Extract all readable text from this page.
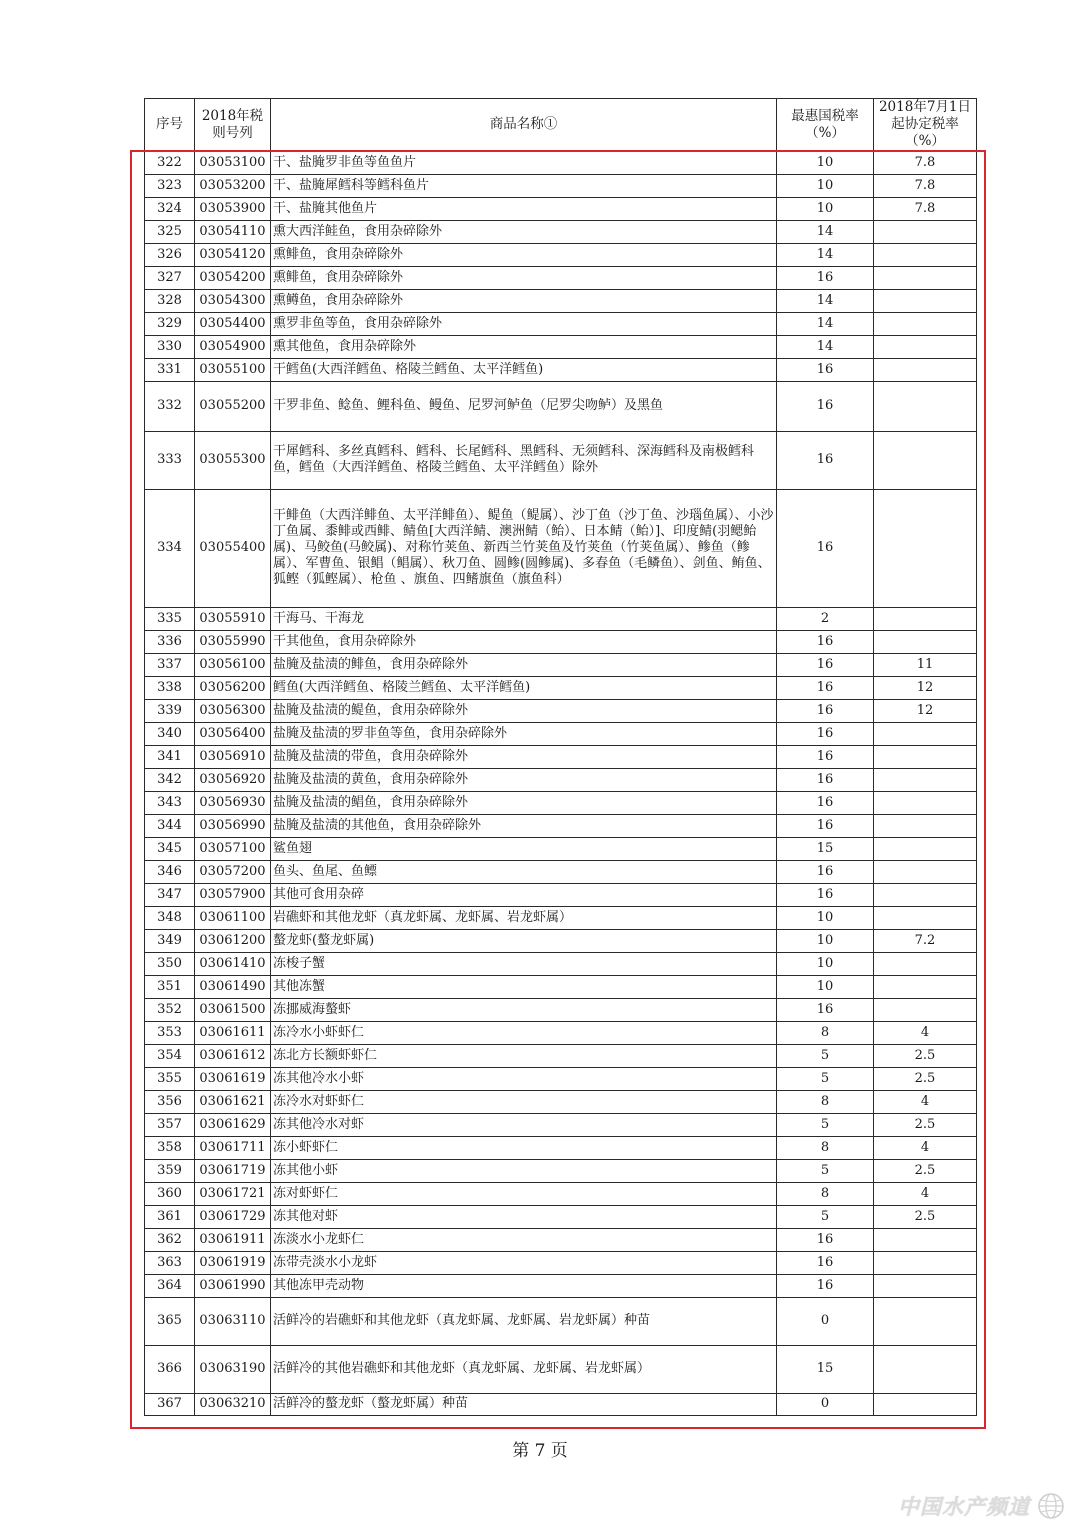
序号	2018年税则号列	商品名称①	最惠国税率（%）	2018年7月1日起协定税率（%）
322	03053100	干、盐腌罗非鱼等鱼鱼片	10	7.8
323	03053200	干、盐腌犀鳕科等鳕科鱼片	10	7.8
324	03053900	干、盐腌其他鱼片	10	7.8
325	03054110	熏大西洋鲑鱼，食用杂碎除外	14	
326	03054120	熏鲱鱼，食用杂碎除外	14	
327	03054200	熏鲱鱼，食用杂碎除外	16	
328	03054300	熏鳟鱼，食用杂碎除外	14	
329	03054400	熏罗非鱼等鱼，食用杂碎除外	14	
330	03054900	熏其他鱼，食用杂碎除外	14	
331	03055100	干鳕鱼(大西洋鳕鱼、格陵兰鳕鱼、太平洋鳕鱼)	16	
332	03055200	干罗非鱼、鲶鱼、鲤科鱼、鳗鱼、尼罗河鲈鱼（尼罗尖吻鲈）及黑鱼	16	
333	03055300	干犀鳕科、多丝真鳕科、鳕科、长尾鳕科、黑鳕科、无须鳕科、深海鳕科及南极鳕科鱼，鳕鱼（大西洋鳕鱼、格陵兰鳕鱼、太平洋鳕鱼）除外	16	
334	03055400	干鲱鱼（大西洋鲱鱼、太平洋鲱鱼）、鳀鱼（鳀属）、沙丁鱼（沙丁鱼、沙瑙鱼属）、小沙丁鱼属、黍鲱或西鲱、鲭鱼[大西洋鲭、澳洲鲭（鲐）、日本鲭（鲐）]、印度鲭(羽鳃鲐属)、马鲛鱼(马鲛属)、对称竹荚鱼、新西兰竹荚鱼及竹荚鱼（竹荚鱼属）、鲹鱼（鲹属）、军曹鱼、银鲳（鲳属）、秋刀鱼、圆鲹(圆鲹属)、多春鱼（毛鳞鱼）、剑鱼、鲔鱼、狐鲣（狐鲣属）、枪鱼 、旗鱼、四鳍旗鱼（旗鱼科）	16	
335	03055910	干海马、干海龙	2	
336	03055990	干其他鱼，食用杂碎除外	16	
337	03056100	盐腌及盐渍的鲱鱼，食用杂碎除外	16	11
338	03056200	鳕鱼(大西洋鳕鱼、格陵兰鳕鱼、太平洋鳕鱼)	16	12
339	03056300	盐腌及盐渍的鳀鱼，食用杂碎除外	16	12
340	03056400	盐腌及盐渍的罗非鱼等鱼，食用杂碎除外	16	
341	03056910	盐腌及盐渍的带鱼，食用杂碎除外	16	
342	03056920	盐腌及盐渍的黄鱼，食用杂碎除外	16	
343	03056930	盐腌及盐渍的鲳鱼，食用杂碎除外	16	
344	03056990	盐腌及盐渍的其他鱼，食用杂碎除外	16	
345	03057100	鲨鱼翅	15	
346	03057200	鱼头、鱼尾、鱼鳔	16	
347	03057900	其他可食用杂碎	16	
348	03061100	岩礁虾和其他龙虾（真龙虾属、龙虾属、岩龙虾属）	10	
349	03061200	螯龙虾(螯龙虾属)	10	7.2
350	03061410	冻梭子蟹	10	
351	03061490	其他冻蟹	10	
352	03061500	冻挪威海螯虾	16	
353	03061611	冻冷水小虾虾仁	8	4
354	03061612	冻北方长额虾虾仁	5	2.5
355	03061619	冻其他冷水小虾	5	2.5
356	03061621	冻冷水对虾虾仁	8	4
357	03061629	冻其他冷水对虾	5	2.5
358	03061711	冻小虾虾仁	8	4
359	03061719	冻其他小虾	5	2.5
360	03061721	冻对虾虾仁	8	4
361	03061729	冻其他对虾	5	2.5
362	03061911	冻淡水小龙虾仁	16	
363	03061919	冻带壳淡水小龙虾	16	
364	03061990	其他冻甲壳动物	16	
365	03063110	活鲜冷的岩礁虾和其他龙虾（真龙虾属、龙虾属、岩龙虾属）种苗	0	
366	03063190	活鲜冷的其他岩礁虾和其他龙虾（真龙虾属、龙虾属、岩龙虾属）	15	
367	03063210	活鲜冷的螯龙虾（螯龙虾属）种苗	0	
第 7 页
中国水产频道
